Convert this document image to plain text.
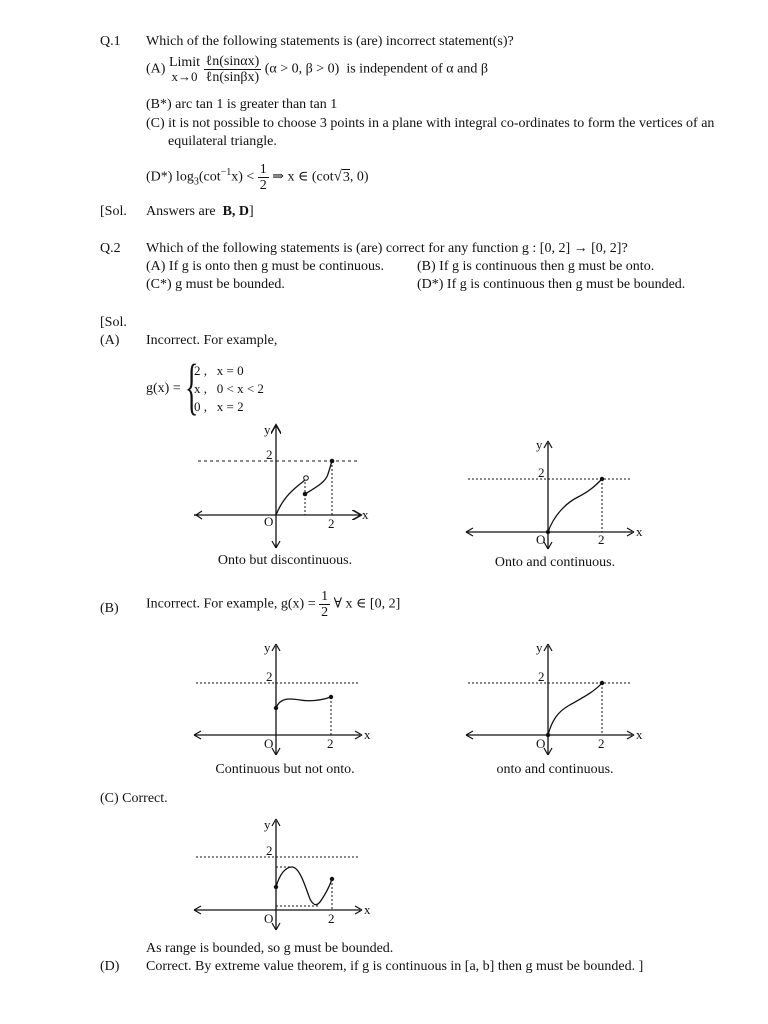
Q.1 Which of the following statements is (are) incorrect statement(s)?
(A) Limit
x→0
$\frac{\text{ℓn(sinαx)}}{\text{ℓn(sinβx)}} (\alpha > 0$, β > 0) is independent of α and β
(B*) arc tan 1 is greater than tan 1
(C) it is not possible to choose 3 points in a plane with integral co-ordinates to form the vertices of an
equilateral triangle.
(D*) $\log_3(\cot^{-1}x) < \frac{1}{2}$ ⇒ x ∈ (cot√3, 0)
[Sol. Answers are B, D]
Q.2 Which of the following statements is (are) correct for any function g : [0, 2] → [0, 2]?
(A) If g is onto then g must be continuous. (B) If g is continuous then g must be onto.
(C*) g must be bounded.	(D*) If g is continuous then g must be bounded.
[Sol.
(A) Incorrect. For example,
g(x) = {
2 ,   x = 0
x ,   0 < x < 2
0 ,   x = 2
y
x
O
2
2
Onto but discontinuous.
y
x
O
2
2
Onto and continuous.
(B) Incorrect. For example, $g(x) = \frac{1}{2}$ ∀ x ∈ [0, 2]
y
x
O
2
2
Continuous but not onto.
y
x
O
2
2
onto and continuous.
(C) Correct.
y
x
O
2
2
As range is bounded, so g must be bounded.
(D) Correct. By extreme value theorem, if g is continuous in [a, b] then g must be bounded. ]
